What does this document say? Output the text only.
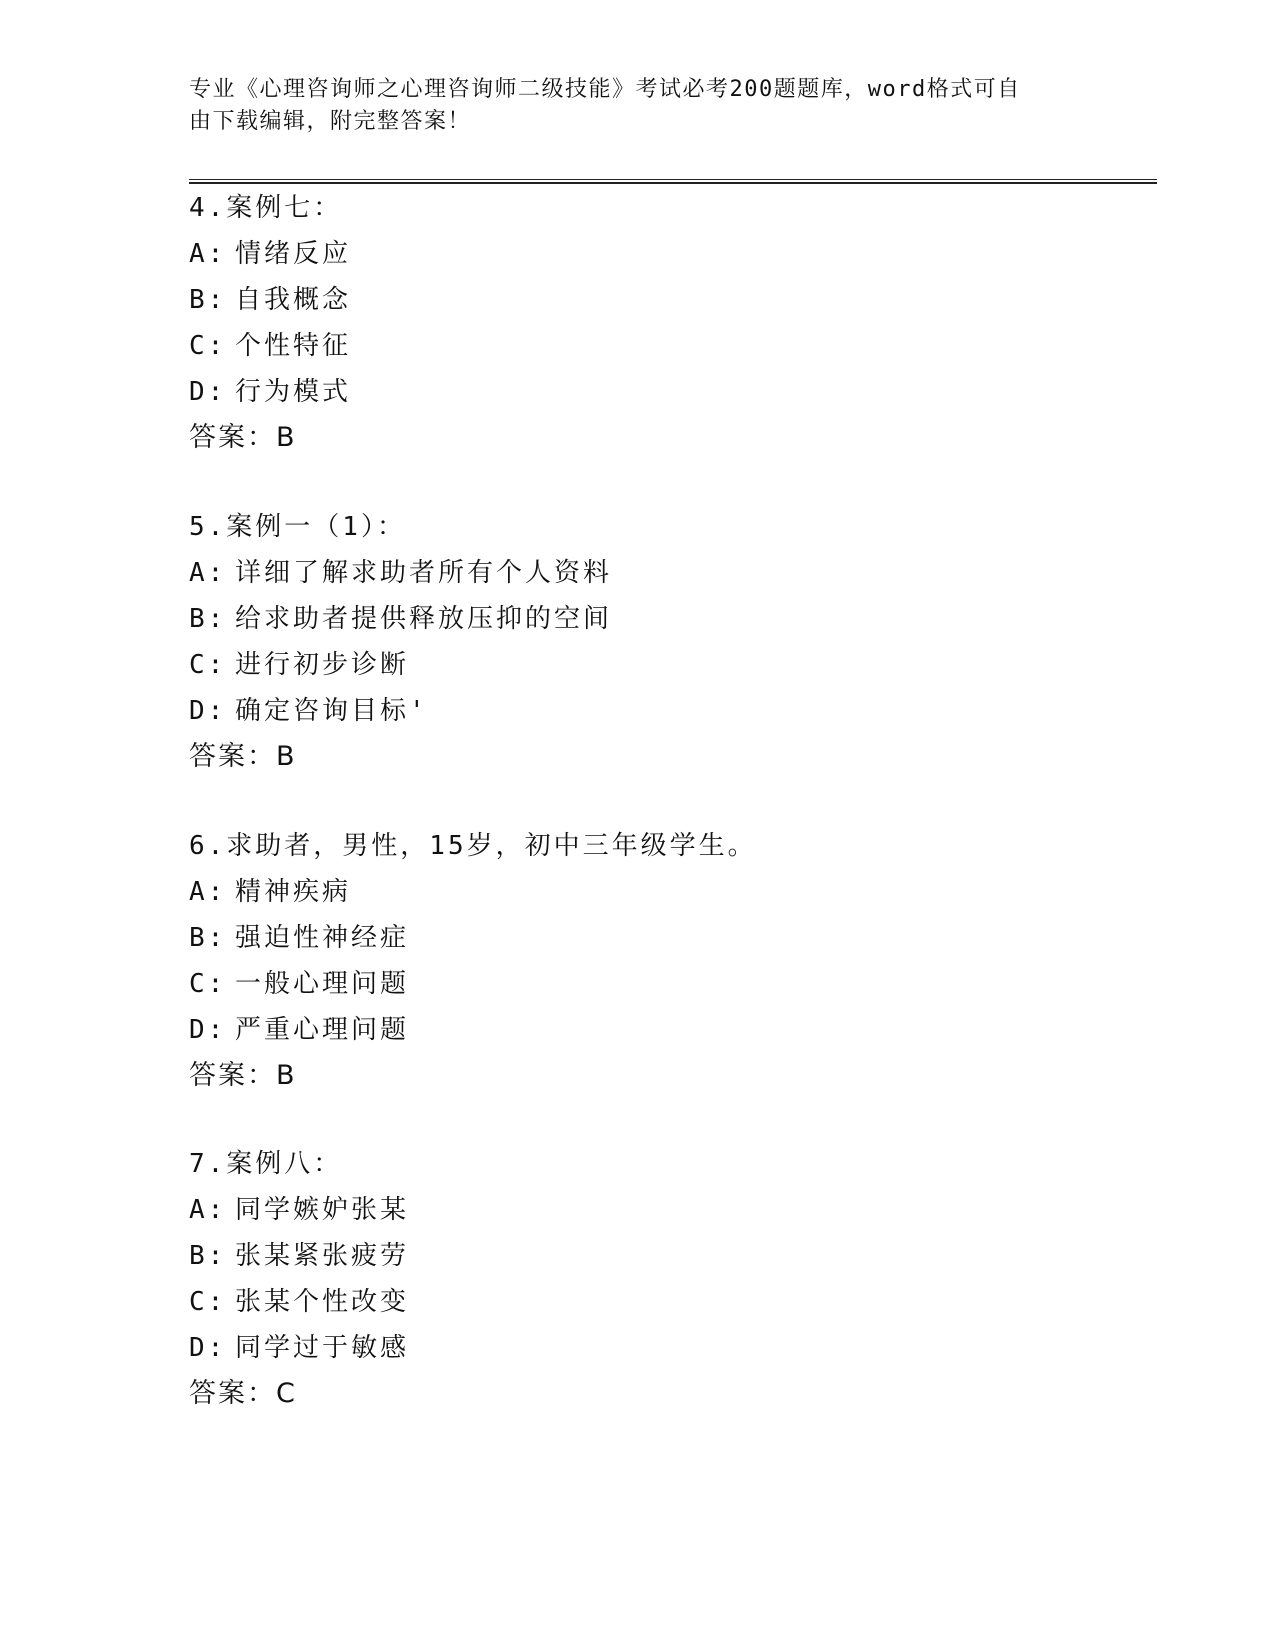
专业《心理咨询师之心理咨询师二级技能》考试必考200题题库，word格式可自
由下载编辑，附完整答案！
4.案例七：
A: 情绪反应
B: 自我概念
C: 个性特征
D: 行为模式
答案：B
5.案例一（1）：
A: 详细了解求助者所有个人资料
B: 给求助者提供释放压抑的空间
C: 进行初步诊断
D: 确定咨询目标'
答案：B
6.求助者，男性，15岁，初中三年级学生。
A: 精神疾病
B: 强迫性神经症
C: 一般心理问题
D: 严重心理问题
答案：B
7.案例八：
A: 同学嫉妒张某
B: 张某紧张疲劳
C: 张某个性改变
D: 同学过于敏感
答案：C
